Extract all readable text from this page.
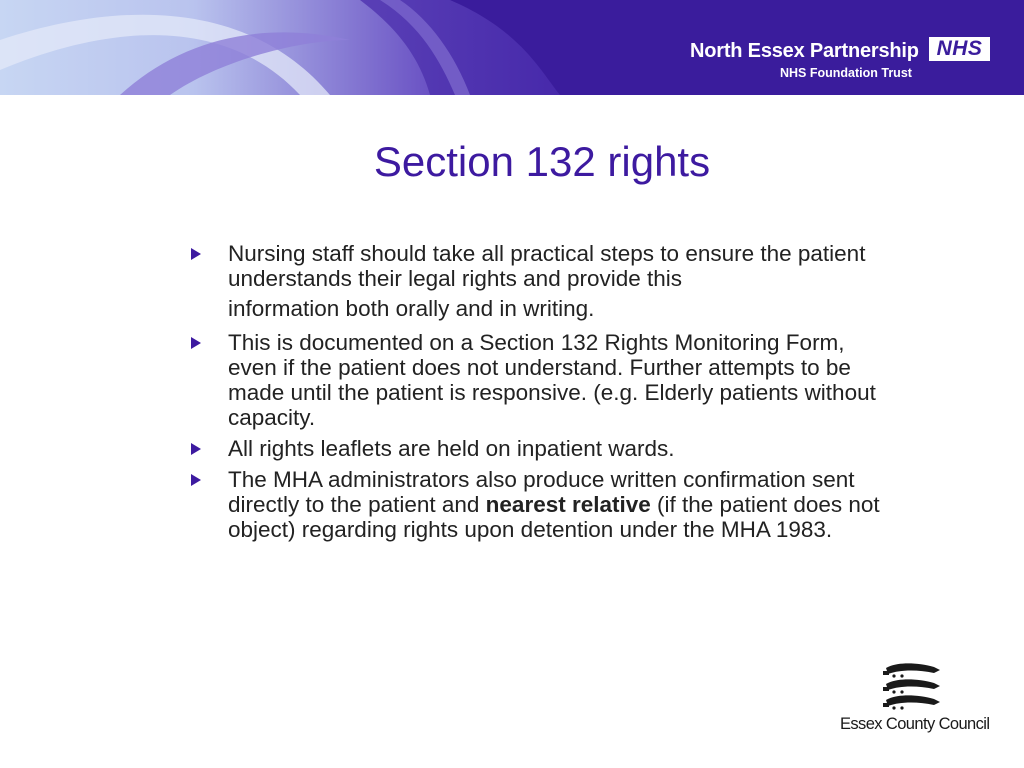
North Essex Partnership
NHS Foundation Trust
NHS
Section 132 rights
Nursing staff should take all practical steps to ensure the patient understands their legal rights and provide this
information both orally and in writing.
This is documented on a Section 132 Rights Monitoring Form, even if the patient does not understand. Further attempts to be made until the patient is responsive. (e.g. Elderly patients without capacity.
All rights leaflets are held on inpatient wards.
The MHA administrators also produce written confirmation sent directly to the patient and nearest relative (if the patient does not object) regarding rights upon detention under the MHA 1983.
Essex County Council
